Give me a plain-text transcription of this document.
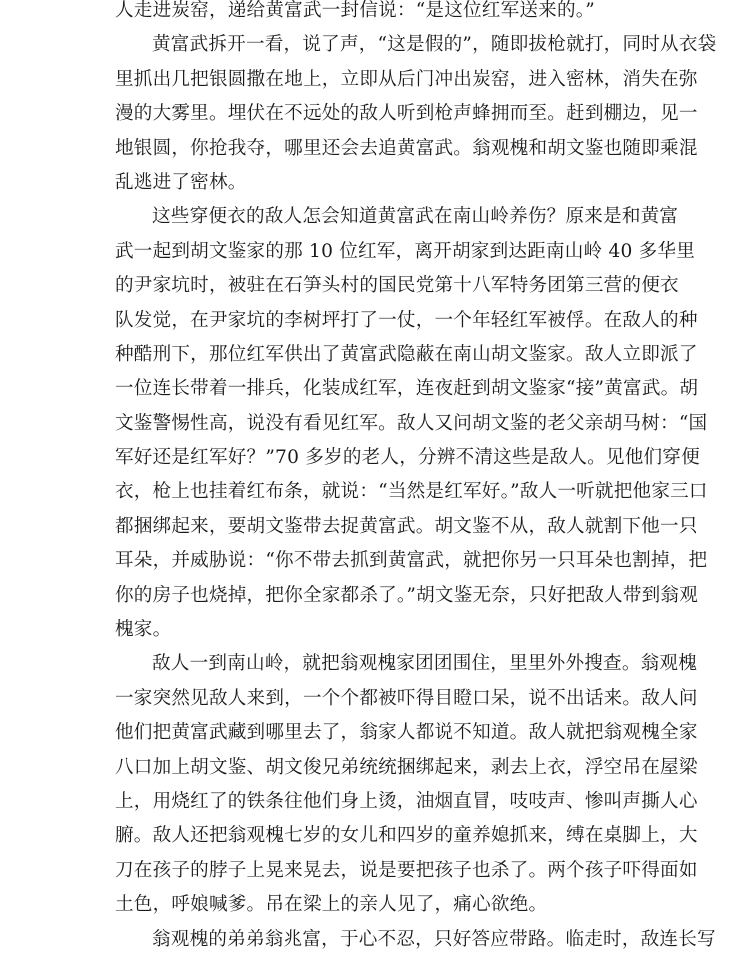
人走进炭窑，递给黄富武一封信说：“是这位红军送来的。”
黄富武拆开一看，说了声，“这是假的”，随即拔枪就打，同时从衣袋
里抓出几把银圆撒在地上，立即从后门冲出炭窑，进入密林，消失在弥
漫的大雾里。埋伏在不远处的敌人听到枪声蜂拥而至。赶到棚边，见一
地银圆，你抢我夺，哪里还会去追黄富武。翁观槐和胡文鉴也随即乘混
乱逃进了密林。
这些穿便衣的敌人怎会知道黄富武在南山岭养伤？原来是和黄富
武一起到胡文鉴家的那 10 位红军，离开胡家到达距南山岭 40 多华里
的尹家坑时，被驻在石笋头村的国民党第十八军特务团第三营的便衣
队发觉，在尹家坑的李树坪打了一仗，一个年轻红军被俘。在敌人的种
种酷刑下，那位红军供出了黄富武隐蔽在南山胡文鉴家。敌人立即派了
一位连长带着一排兵，化装成红军，连夜赶到胡文鉴家“接”黄富武。胡
文鉴警惕性高，说没有看见红军。敌人又问胡文鉴的老父亲胡马树：“国
军好还是红军好？”70 多岁的老人，分辨不清这些是敌人。见他们穿便
衣，枪上也挂着红布条，就说：“当然是红军好。”敌人一听就把他家三口
都捆绑起来，要胡文鉴带去捉黄富武。胡文鉴不从，敌人就割下他一只
耳朵，并威胁说：“你不带去抓到黄富武，就把你另一只耳朵也割掉，把
你的房子也烧掉，把你全家都杀了。”胡文鉴无奈，只好把敌人带到翁观
槐家。
敌人一到南山岭，就把翁观槐家团团围住，里里外外搜查。翁观槐
一家突然见敌人来到，一个个都被吓得目瞪口呆，说不出话来。敌人问
他们把黄富武藏到哪里去了，翁家人都说不知道。敌人就把翁观槐全家
八口加上胡文鉴、胡文俊兄弟统统捆绑起来，剥去上衣，浮空吊在屋梁
上，用烧红了的铁条往他们身上烫，油烟直冒，吱吱声、惨叫声撕人心
腑。敌人还把翁观槐七岁的女儿和四岁的童养媳抓来，缚在桌脚上，大
刀在孩子的脖子上晃来晃去，说是要把孩子也杀了。两个孩子吓得面如
土色，呼娘喊爹。吊在梁上的亲人见了，痛心欲绝。
翁观槐的弟弟翁兆富，于心不忍，只好答应带路。临走时，敌连长写
